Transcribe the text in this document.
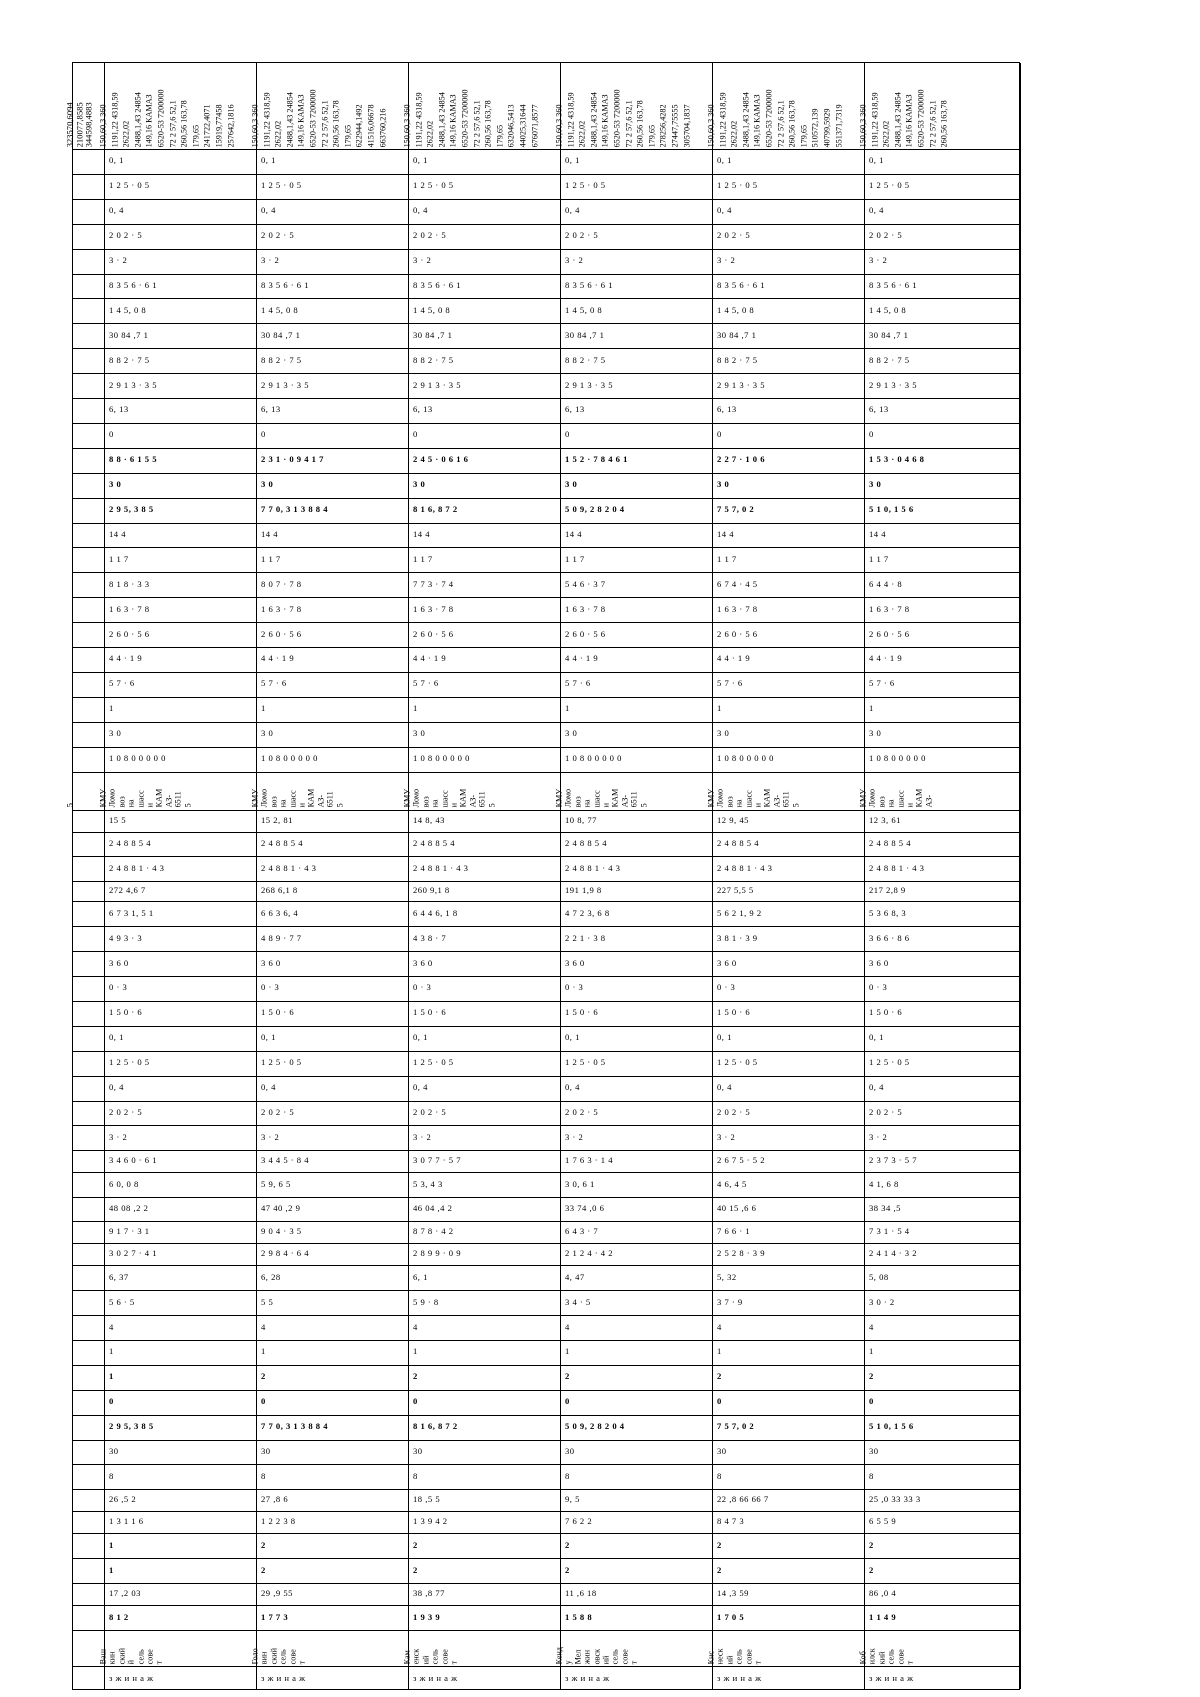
323570,6094 210077,8585 344598,4883
5
150,60,3 360 1191,22 4318,59 2622,02 2488,1,43 24854 149,16 КАМАЗ 6520-53 7200000 72 2 57,6 52,1 260,56 163,78 179,65 241722,4071 15919,77458 257642,1816
0, 1
1 2 5 · 0 5
0, 4
2 0 2 · 5
3 · 2
8 3 5 6 · 6 1
1 4 5, 0 8
30 84 ,7 1
8 8 2 · 7 5
2 9 1 3 · 3 5
6, 13
0
8 8 · 6 1 5 5
3 0
2 9 5, 3 8 5
14 4
1 1 7
8 1 8 · 3 3
1 6 3 · 7 8
2 6 0 · 5 6
4 4 · 1 9
5 7 · 6
1
3 0
1 0 8 0 0 0 0 0
КМУ Ломо воз на шасс и КАМ АЗ- 6511 5
15 5
2 4 8 8 5 4
2 4 8 8 1 · 4 3
272 4,6 7
6 7 3 1, 5 1
4 9 3 · 3
3 6 0
0 · 3
1 5 0 · 6
0, 1
1 2 5 · 0 5
0, 4
2 0 2 · 5
3 · 2
3 4 6 0 · 6 1
6 0, 0 8
48 08 ,2 2
9 1 7 · 3 1
3 0 2 7 · 4 1
6, 37
5 6 · 5
4
1
1
0
2 9 5, 3 8 5
30
8
26 ,5 2
1 3 1 1 6
1
1
17 ,2 03
8 1 2
Ваш кин ский й сель сове т
з ж и н а ж
150,60,3 360 1191,22 4318,59 2622,02 2488,1,43 24854 149,16 КАМАЗ 6520-53 7200000 72 2 57,6 52,1 260,56 163,78 179,65 622944,1492 41516,06678 663760,216
0, 1
1 2 5 · 0 5
0, 4
2 0 2 · 5
3 · 2
8 3 5 6 · 6 1
1 4 5, 0 8
30 84 ,7 1
8 8 2 · 7 5
2 9 1 3 · 3 5
6, 13
0
2 3 1 · 0 9 4 1 7
3 0
7 7 0, 3 1 3 8 8 4
14 4
1 1 7
8 0 7 · 7 8
1 6 3 · 7 8
2 6 0 · 5 6
4 4 · 1 9
5 7 · 6
1
3 0
1 0 8 0 0 0 0 0
КМУ Ломо воз на шасс и КАМ АЗ- 6511 5
15 2, 81
2 4 8 8 5 4
2 4 8 8 1 · 4 3
268 6,1 8
6 6 3 6, 4
4 8 9 · 7 7
3 6 0
0 · 3
1 5 0 · 6
0, 1
1 2 5 · 0 5
0, 4
2 0 2 · 5
3 · 2
3 4 4 5 · 8 4
5 9, 6 5
47 40 ,2 9
9 0 4 · 3 5
2 9 8 4 · 6 4
6, 28
5 5
4
1
2
0
7 7 0, 3 1 3 8 8 4
30
8
27 ,8 6
1 2 2 3 8
2
2
29 ,9 55
1 7 7 3
Голо вин ский сель сове т
з ж и н а ж
150,60,3 360 1191,22 4318,59 2622,02 2488,1,43 24854 149,16 КАМАЗ 6520-53 7200000 72 2 57,6 52,1 260,56 163,78 179,65 632046,5413 44025,31644 676071,8577
0, 1
1 2 5 · 0 5
0, 4
2 0 2 · 5
3 · 2
8 3 5 6 · 6 1
1 4 5, 0 8
30 84 ,7 1
8 8 2 · 7 5
2 9 1 3 · 3 5
6, 13
0
2 4 5 · 0 6 1 6
3 0
8 1 6, 8 7 2
14 4
1 1 7
7 7 3 · 7 4
1 6 3 · 7 8
2 6 0 · 5 6
4 4 · 1 9
5 7 · 6
1
3 0
1 0 8 0 0 0 0 0
КМУ Ломо воз на шасс и КАМ АЗ- 6511 5
14 8, 43
2 4 8 8 5 4
2 4 8 8 1 · 4 3
260 9,1 8
6 4 4 6, 1 8
4 3 8 · 7
3 6 0
0 · 3
1 5 0 · 6
0, 1
1 2 5 · 0 5
0, 4
2 0 2 · 5
3 · 2
3 0 7 7 · 5 7
5 3, 4 3
46 04 ,4 2
8 7 8 · 4 2
2 8 9 9 · 0 9
6, 1
5 9 · 8
4
1
2
0
8 1 6, 8 7 2
30
8
18 ,5 5
1 3 9 4 2
2
2
38 ,8 77
1 9 3 9
Кам енск ий сель сове т
з ж и н а ж
150,60,3 360 1191,22 4318,59 2622,02 2488,1,43 24854 149,16 КАМАЗ 6520-53 7200000 72 2 57,6 52,1 260,56 163,78 179,65 278256,4282 27447,75555 305704,1837
0, 1
1 2 5 · 0 5
0, 4
2 0 2 · 5
3 · 2
8 3 5 6 · 6 1
1 4 5, 0 8
30 84 ,7 1
8 8 2 · 7 5
2 9 1 3 · 3 5
6, 13
0
1 5 2 · 7 8 4 6 1
3 0
5 0 9, 2 8 2 0 4
14 4
1 1 7
5 4 6 · 3 7
1 6 3 · 7 8
2 6 0 · 5 6
4 4 · 1 9
5 7 · 6
1
3 0
1 0 8 0 0 0 0 0
КМУ Ломо воз на шасс и КАМ АЗ- 6511 5
10 8, 77
2 4 8 8 5 4
2 4 8 8 1 · 4 3
191 1,9 8
4 7 2 3, 6 8
2 2 1 · 3 8
3 6 0
0 · 3
1 5 0 · 6
0, 1
1 2 5 · 0 5
0, 4
2 0 2 · 5
3 · 2
1 7 6 3 · 1 4
3 0, 6 1
33 74 ,0 6
6 4 3 · 7
2 1 2 4 · 4 2
4, 47
3 4 · 5
4
1
2
0
5 0 9, 2 8 2 0 4
30
8
9, 5
7 6 2 2
2
2
11 ,6 18
1 5 8 8
Кенд у Мел жин овск ий сель сове т
з ж и н а ж
150,60,3 360 1191,22 4318,59 2622,02 2488,1,43 24854 149,16 КАМАЗ 6520-53 7200000 72 2 57,6 52,1 260,56 163,78 179,65 510572,139 40799,5929 551371,7319
0, 1
1 2 5 · 0 5
0, 4
2 0 2 · 5
3 · 2
8 3 5 6 · 6 1
1 4 5, 0 8
30 84 ,7 1
8 8 2 · 7 5
2 9 1 3 · 3 5
6, 13
0
2 2 7 · 1 0 6
3 0
7 5 7, 0 2
14 4
1 1 7
6 7 4 · 4 5
1 6 3 · 7 8
2 6 0 · 5 6
4 4 · 1 9
5 7 · 6
1
3 0
1 0 8 0 0 0 0 0
КМУ Ломо воз на шасс и КАМ АЗ- 6511 5
12 9, 45
2 4 8 8 5 4
2 4 8 8 1 · 4 3
227 5,5 5
5 6 2 1, 9 2
3 8 1 · 3 9
3 6 0
0 · 3
1 5 0 · 6
0, 1
1 2 5 · 0 5
0, 4
2 0 2 · 5
3 · 2
2 6 7 5 · 5 2
4 6, 4 5
40 15 ,6 6
7 6 6 · 1
2 5 2 8 · 3 9
5, 32
3 7 · 9
4
1
2
0
7 5 7, 0 2
30
8
22 ,8 66 66 7
8 4 7 3
2
2
14 ,3 59
1 7 0 5
Кнс неск ий сель сове т
з ж и н а ж
150,60,3 360 1191,22 4318,59 2622,02 2488,1,43 24854 149,16 КАМАЗ 6520-53 7200000 72 2 57,6 52,1 260,56 163,78
0, 1
1 2 5 · 0 5
0, 4
2 0 2 · 5
3 · 2
8 3 5 6 · 6 1
1 4 5, 0 8
30 84 ,7 1
8 8 2 · 7 5
2 9 1 3 · 3 5
6, 13
0
1 5 3 · 0 4 6 8
3 0
5 1 0, 1 5 6
14 4
1 1 7
6 4 4 · 8
1 6 3 · 7 8
2 6 0 · 5 6
4 4 · 1 9
5 7 · 6
1
3 0
1 0 8 0 0 0 0 0
КМУ Ломо воз на шасс и КАМ АЗ-
12 3, 61
2 4 8 8 5 4
2 4 8 8 1 · 4 3
217 2,8 9
5 3 6 8, 3
3 6 6 · 8 6
3 6 0
0 · 3
1 5 0 · 6
0, 1
1 2 5 · 0 5
0, 4
2 0 2 · 5
3 · 2
2 3 7 3 · 5 7
4 1, 6 8
38 34 ,5
7 3 1 · 5 4
2 4 1 4 · 3 2
5, 08
3 0 · 2
4
1
2
0
5 1 0, 1 5 6
30
8
25 ,0 33 33 3
6 5 5 9
2
2
86 ,0 4
1 1 4 9
Коб илск кий сель сове т
з ж и н а ж
